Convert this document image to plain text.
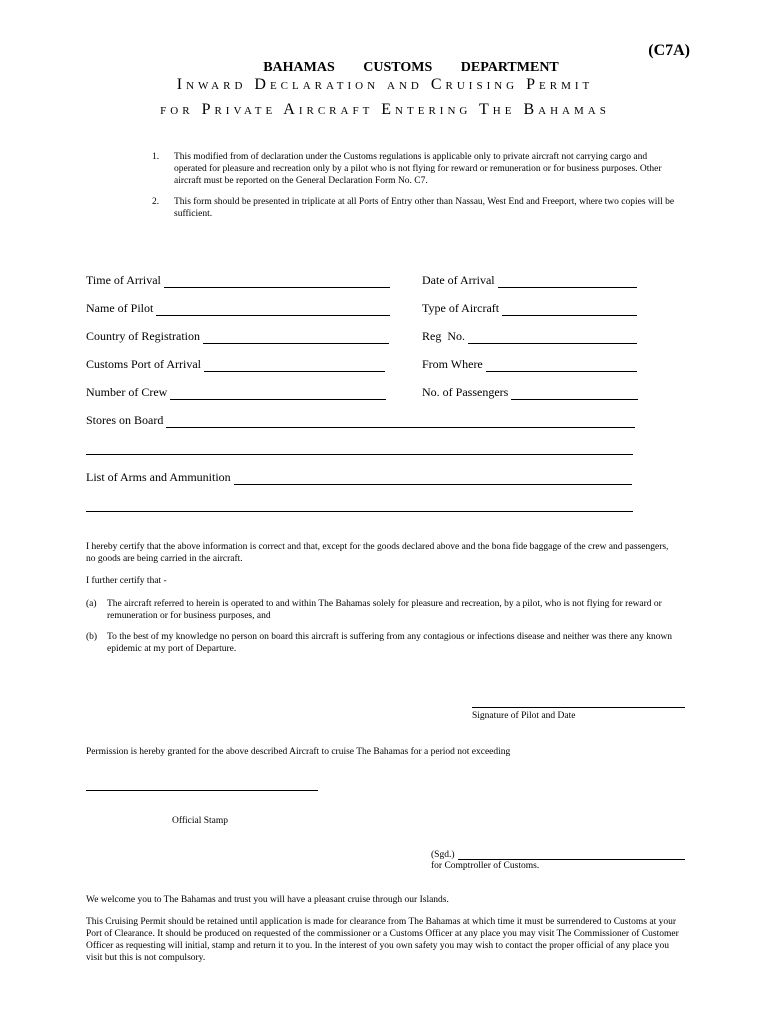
(C7A)
BAHAMAS   CUSTOMS   DEPARTMENT
Inward Declaration and Cruising Permit
for Private Aircraft Entering The Bahamas
1. This modified from of declaration under the Customs regulations is applicable only to private aircraft not carrying cargo and operated for pleasure and recreation only by a pilot who is not flying for reward or remuneration or for business purposes. Other aircraft must be reported on the General Declaration Form No. C7.
2. This form should be presented in triplicate at all Ports of Entry other than Nassau, West End and Freeport, where two copies will be sufficient.
Time of Arrival
Name of Pilot
Country of Registration
Customs Port of Arrival
Number of Crew
Date of Arrival
Type of Aircraft
Reg  No.
From Where
No. of Passengers
Stores on Board
List of Arms and Ammunition
I hereby certify that the above information is correct and that, except for the goods declared above and the bona fide baggage of the crew and passengers, no goods are being carried in the aircraft.
I further certify that -
(a) The aircraft referred to herein is operated to and within The Bahamas solely for pleasure and recreation, by a pilot, who is not flying for reward or remuneration or for business purposes, and
(b) To the best of my knowledge no person on board this aircraft is suffering from any contagious or infections disease and neither was there any known epidemic at my port of Departure.
Signature of Pilot and Date
Permission is hereby granted for the above described Aircraft to cruise The Bahamas for a period not exceeding
Official Stamp
(Sgd.)
for Comptroller of Customs.
We welcome you to The Bahamas and trust you will have a pleasant cruise through our Islands.
This Cruising Permit should be retained until application is made for clearance from The Bahamas at which time it must be surrendered to Customs at your Port of Clearance. It should be produced on requested of the commissioner or a Customs Officer at any place you may visit The Commissioner of Customer Officer as requesting will initial, stamp and return it to you. In the interest of you own safety you may wish to contact the proper official of any place you visit but this is not compulsory.
